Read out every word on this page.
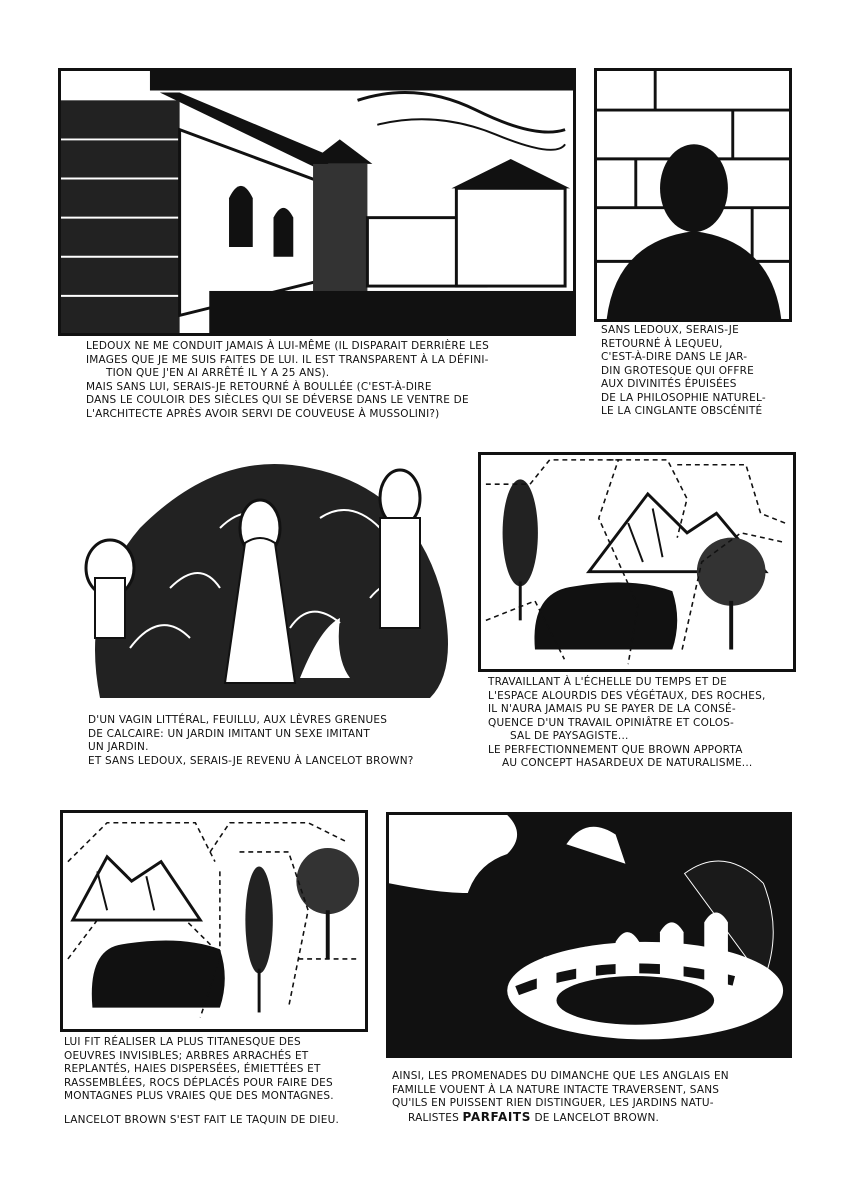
LEDOUX NE ME CONDUIT JAMAIS À LUI-MÊME (IL DISPARAIT DERRIÈRE LES

IMAGES QUE JE ME SUIS FAITES DE LUI. IL EST TRANSPARENT À LA DÉFINI-

TION QUE J'EN AI ARRÊTÉ IL Y A 25 ANS).

MAIS SANS LUI, SERAIS-JE RETOURNÉ À BOULLÉE (C'EST-À-DIRE

DANS LE COULOIR DES SIÈCLES QUI SE DÉVERSE DANS LE VENTRE DE

L'ARCHITECTE APRÈS AVOIR SERVI DE COUVEUSE À MUSSOLINI?)

SANS LEDOUX, SERAIS-JE

RETOURNÉ À LEQUEU,

C'EST-À-DIRE DANS LE JAR-

DIN GROTESQUE QUI OFFRE

AUX DIVINITÉS ÉPUISÉES

DE LA PHILOSOPHIE NATUREL-

LE LA CINGLANTE OBSCÉNITÉ

D'UN VAGIN LITTÉRAL, FEUILLU, AUX LÈVRES GRENUES

DE CALCAIRE: UN JARDIN IMITANT UN SEXE IMITANT

UN JARDIN.

ET SANS LEDOUX, SERAIS-JE REVENU À LANCELOT BROWN?

TRAVAILLANT À L'ÉCHELLE DU TEMPS ET DE

L'ESPACE ALOURDIS DES VÉGÉTAUX, DES ROCHES,

IL N'AURA JAMAIS PU SE PAYER DE LA CONSÉ-

QUENCE D'UN TRAVAIL OPINIÂTRE ET COLOS-

SAL DE PAYSAGISTE...

LE PERFECTIONNEMENT QUE BROWN APPORTA

AU CONCEPT HASARDEUX DE NATURALISME...

LUI FIT RÉALISER LA PLUS TITANESQUE DES

OEUVRES INVISIBLES; ARBRES ARRACHÉS ET

REPLANTÉS, HAIES DISPERSÉES, ÉMIETTÉES ET

RASSEMBLÉES, ROCS DÉPLACÉS POUR FAIRE DES

MONTAGNES PLUS VRAIES QUE DES MONTAGNES.

LANCELOT BROWN S'EST FAIT LE TAQUIN DE DIEU.

AINSI, LES PROMENADES DU DIMANCHE QUE LES ANGLAIS EN

FAMILLE VOUENT À LA NATURE INTACTE TRAVERSENT, SANS

QU'ILS EN PUISSENT RIEN DISTINGUER, LES JARDINS NATU-

RALISTES PARFAITS DE LANCELOT BROWN.
